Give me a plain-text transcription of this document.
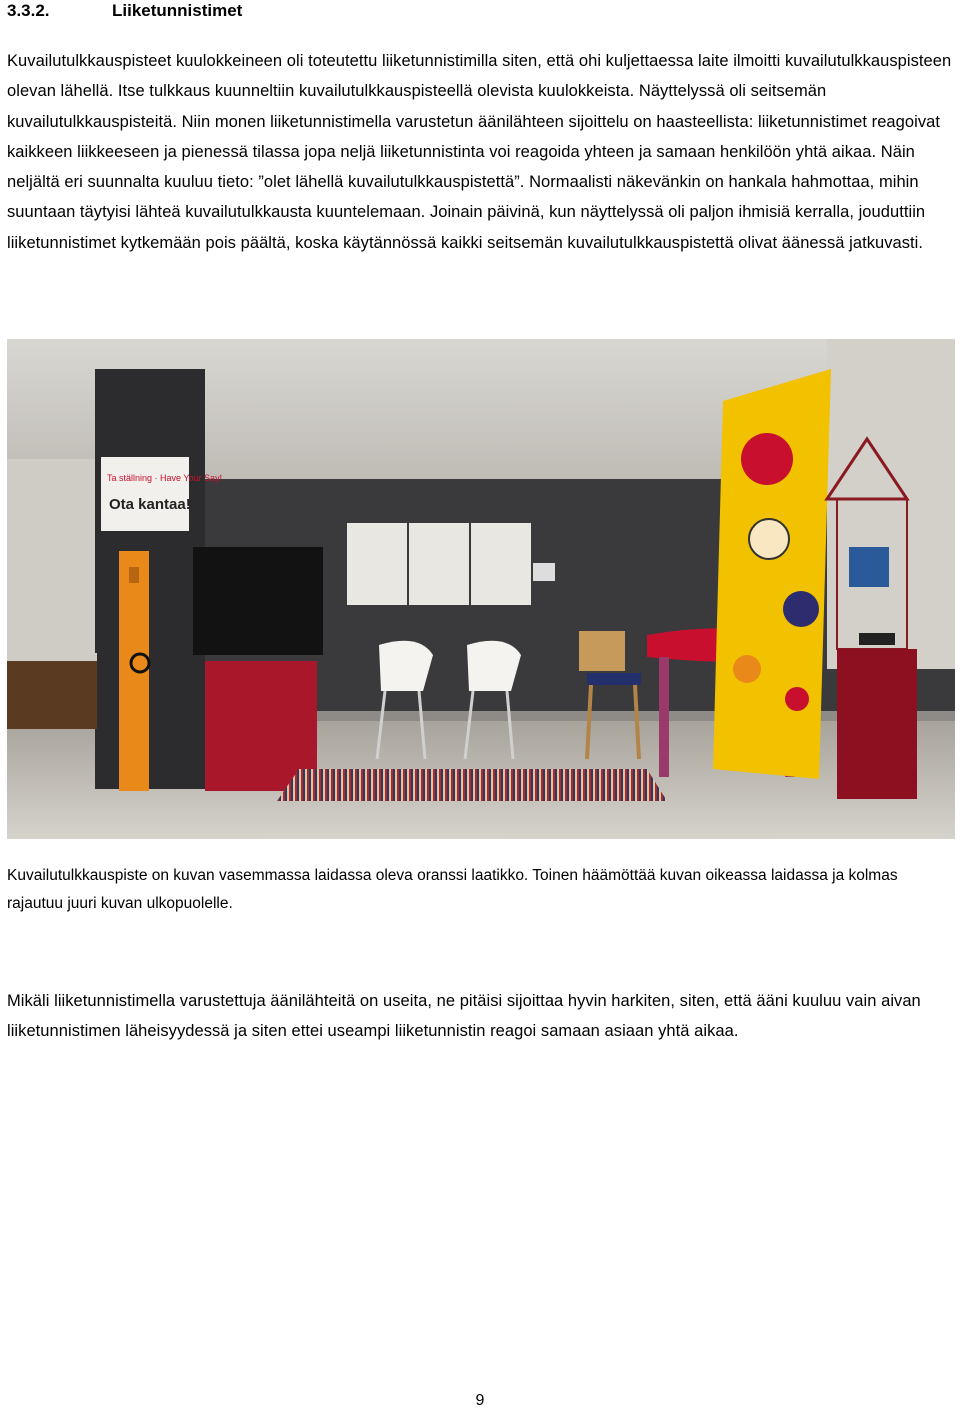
3.3.2.	Liiketunnistimet

Kuvailutulkkauspisteet kuulokkeineen oli toteutettu liiketunnistimilla siten, että ohi kuljettaessa laite ilmoitti kuvailutulkkauspisteen olevan lähellä. Itse tulkkaus kuunneltiin kuvailutulkkauspisteellä olevista kuulokkeista. Näyttelyssä oli seitsemän kuvailutulkkauspisteitä. Niin monen liiketunnistimella varustetun äänilähteen sijoittelu on haasteellista: liiketunnistimet reagoivat kaikkeen liikkeeseen ja pienessä tilassa jopa neljä liiketunnistinta voi reagoida yhteen ja samaan henkilöön yhtä aikaa. Näin neljältä eri suunnalta kuuluu tieto: ”olet lähellä kuvailutulkkauspistettä”. Normaalisti näkevänkin on hankala hahmottaa, mihin suuntaan täytyisi lähteä kuvailutulkkausta kuuntelemaan. Joinain päivinä, kun näyttelyssä oli paljon ihmisiä kerralla, jouduttiin liiketunnistimet kytkemään pois päältä, koska käytännössä kaikki seitsemän kuvailutulkkauspistettä olivat äänessä jatkuvasti.

Ta ställning · Have Your Say!
Ota kantaa!

Kuvailutulkkauspiste on kuvan vasemmassa laidassa oleva oranssi laatikko. Toinen häämöttää kuvan oikeassa laidassa ja kolmas rajautuu juuri kuvan ulkopuolelle.

Mikäli liiketunnistimella varustettuja äänilähteitä on useita, ne pitäisi sijoittaa hyvin harkiten, siten, että ääni kuuluu vain aivan liiketunnistimen läheisyydessä ja siten ettei useampi liiketunnistin reagoi samaan asiaan yhtä aikaa.

9
